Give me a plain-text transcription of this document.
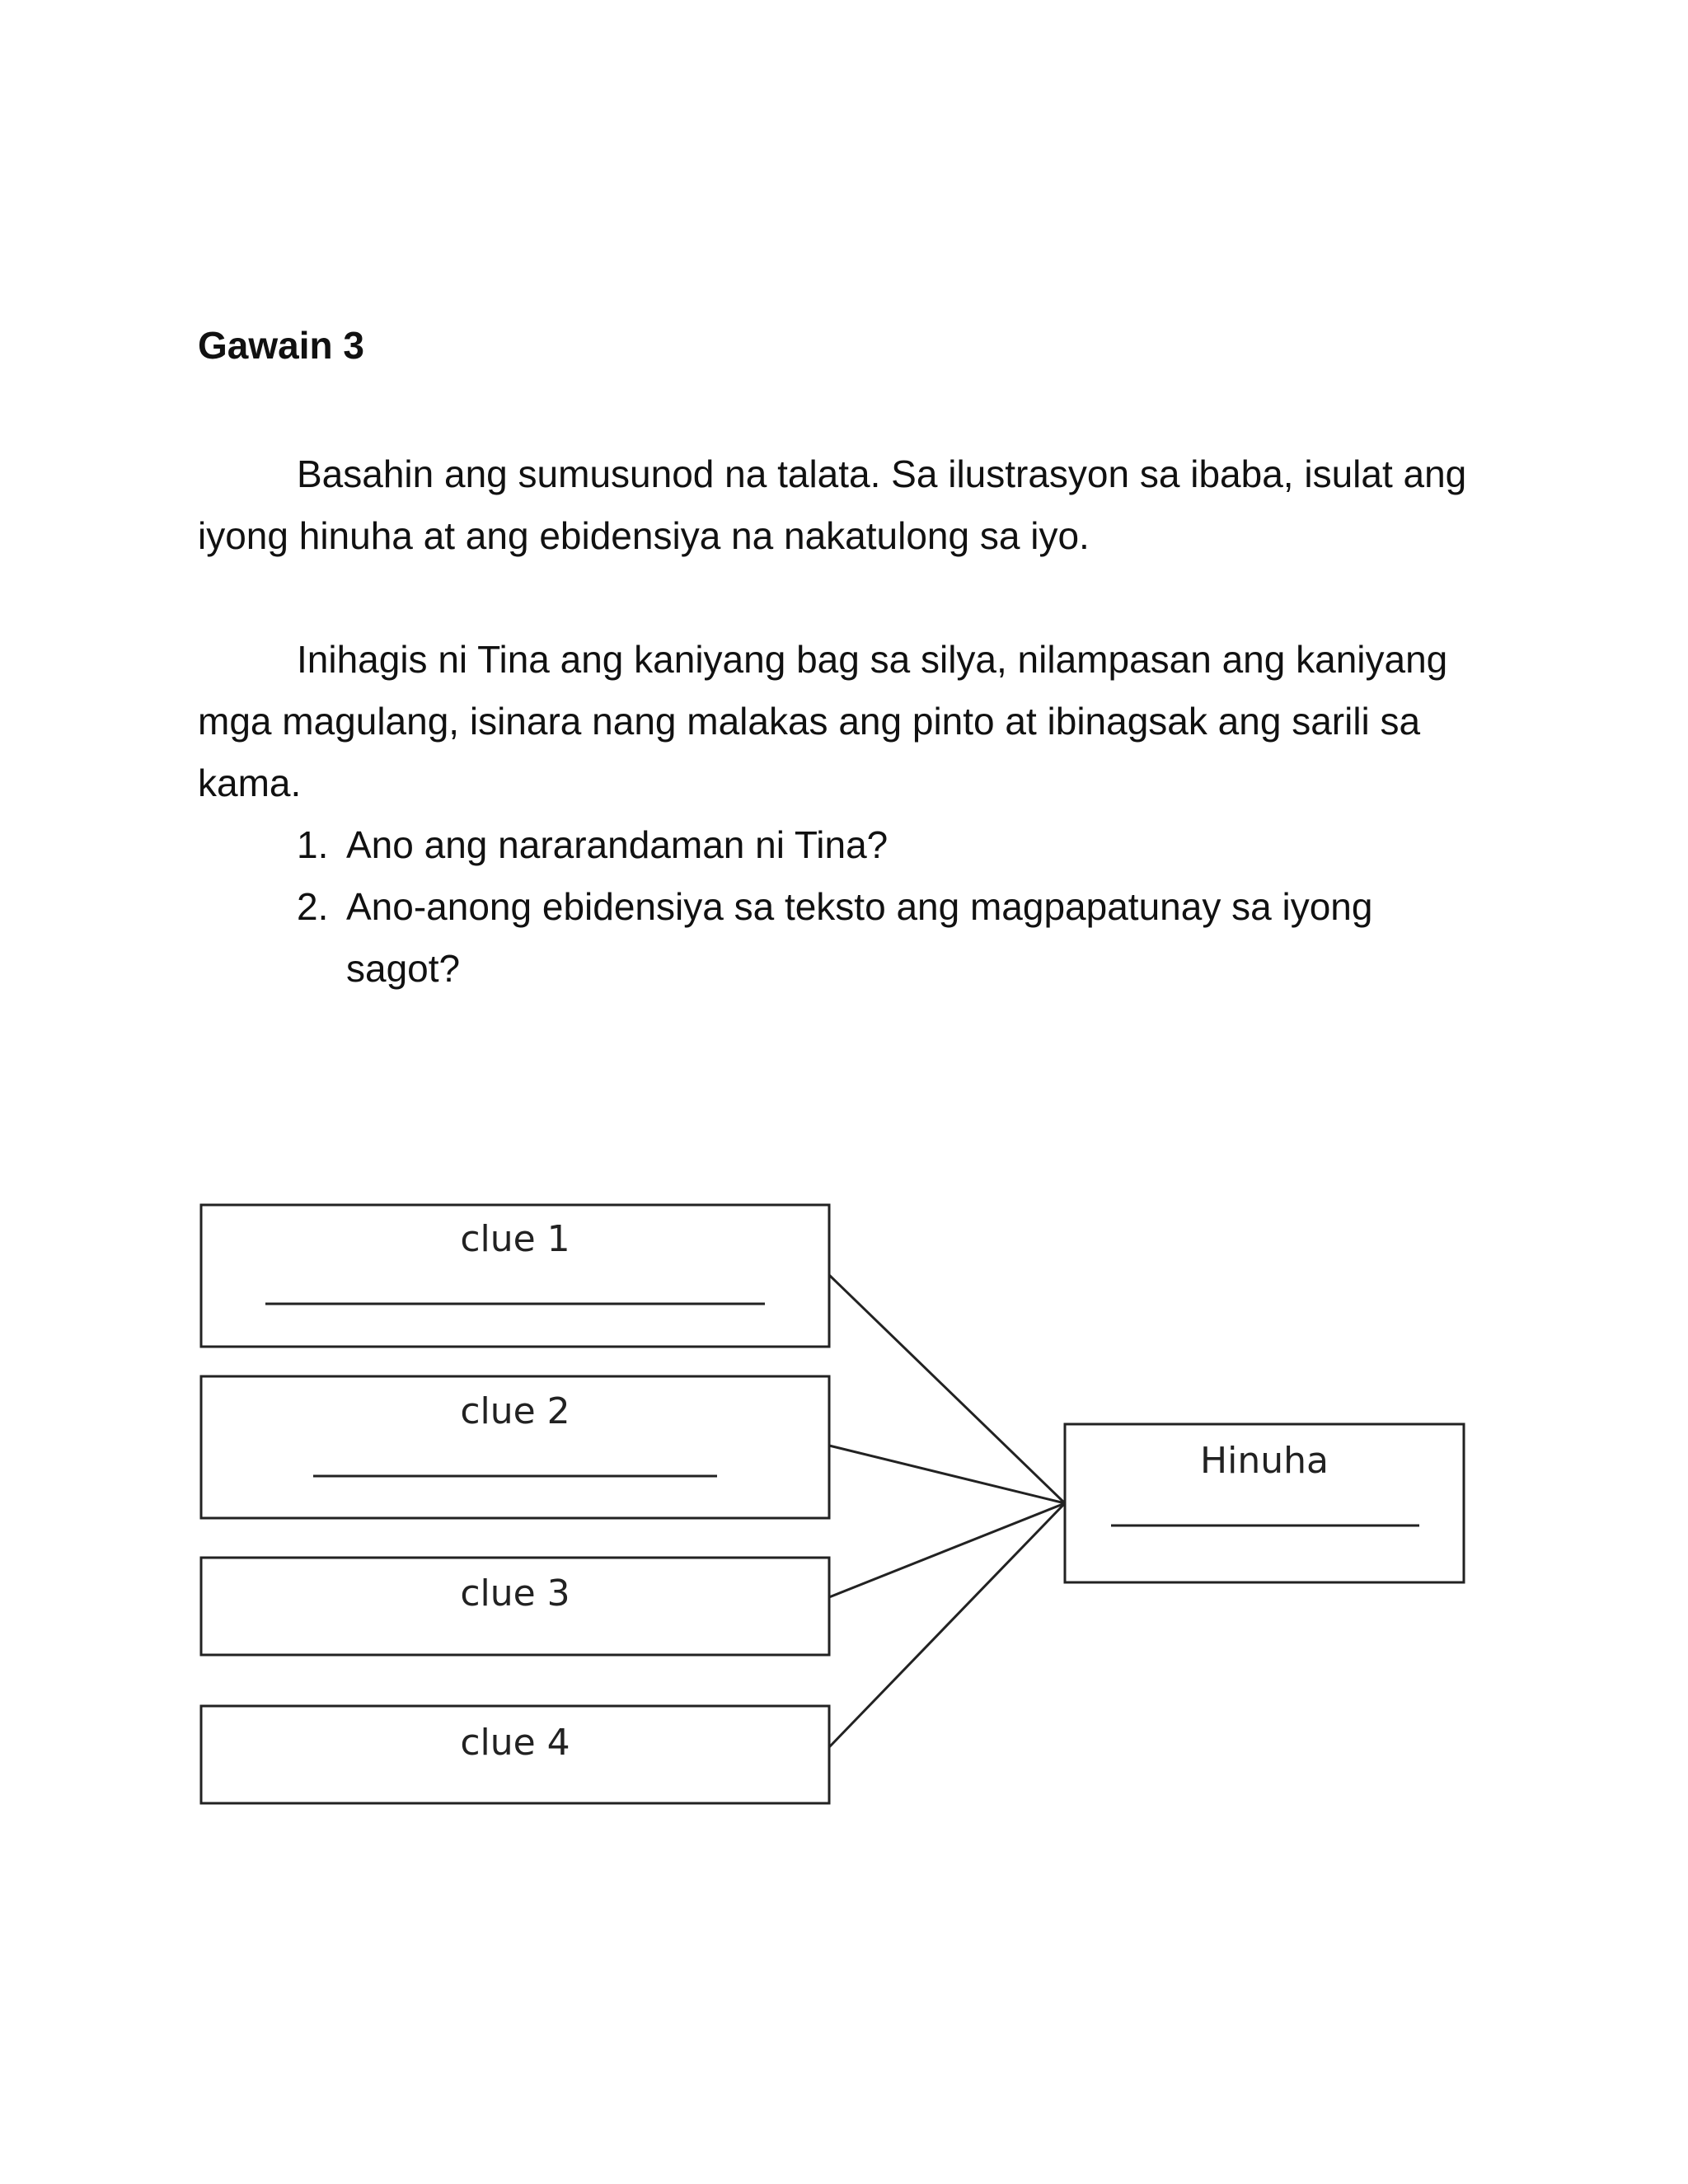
Gawain 3

Basahin ang sumusunod na talata. Sa ilustrasyon sa ibaba, isulat ang iyong hinuha at ang ebidensiya na nakatulong sa iyo.

Inihagis ni Tina ang kaniyang bag sa silya, nilampasan ang kaniyang mga magulang, isinara nang malakas ang pinto at ibinagsak ang sarili sa kama.

1. Ano ang nararandaman ni Tina?
2. Ano-anong ebidensiya sa teksto ang magpapatunay sa iyong sagot?
clue 1
clue 2
clue 3
clue 4
Hinuha
